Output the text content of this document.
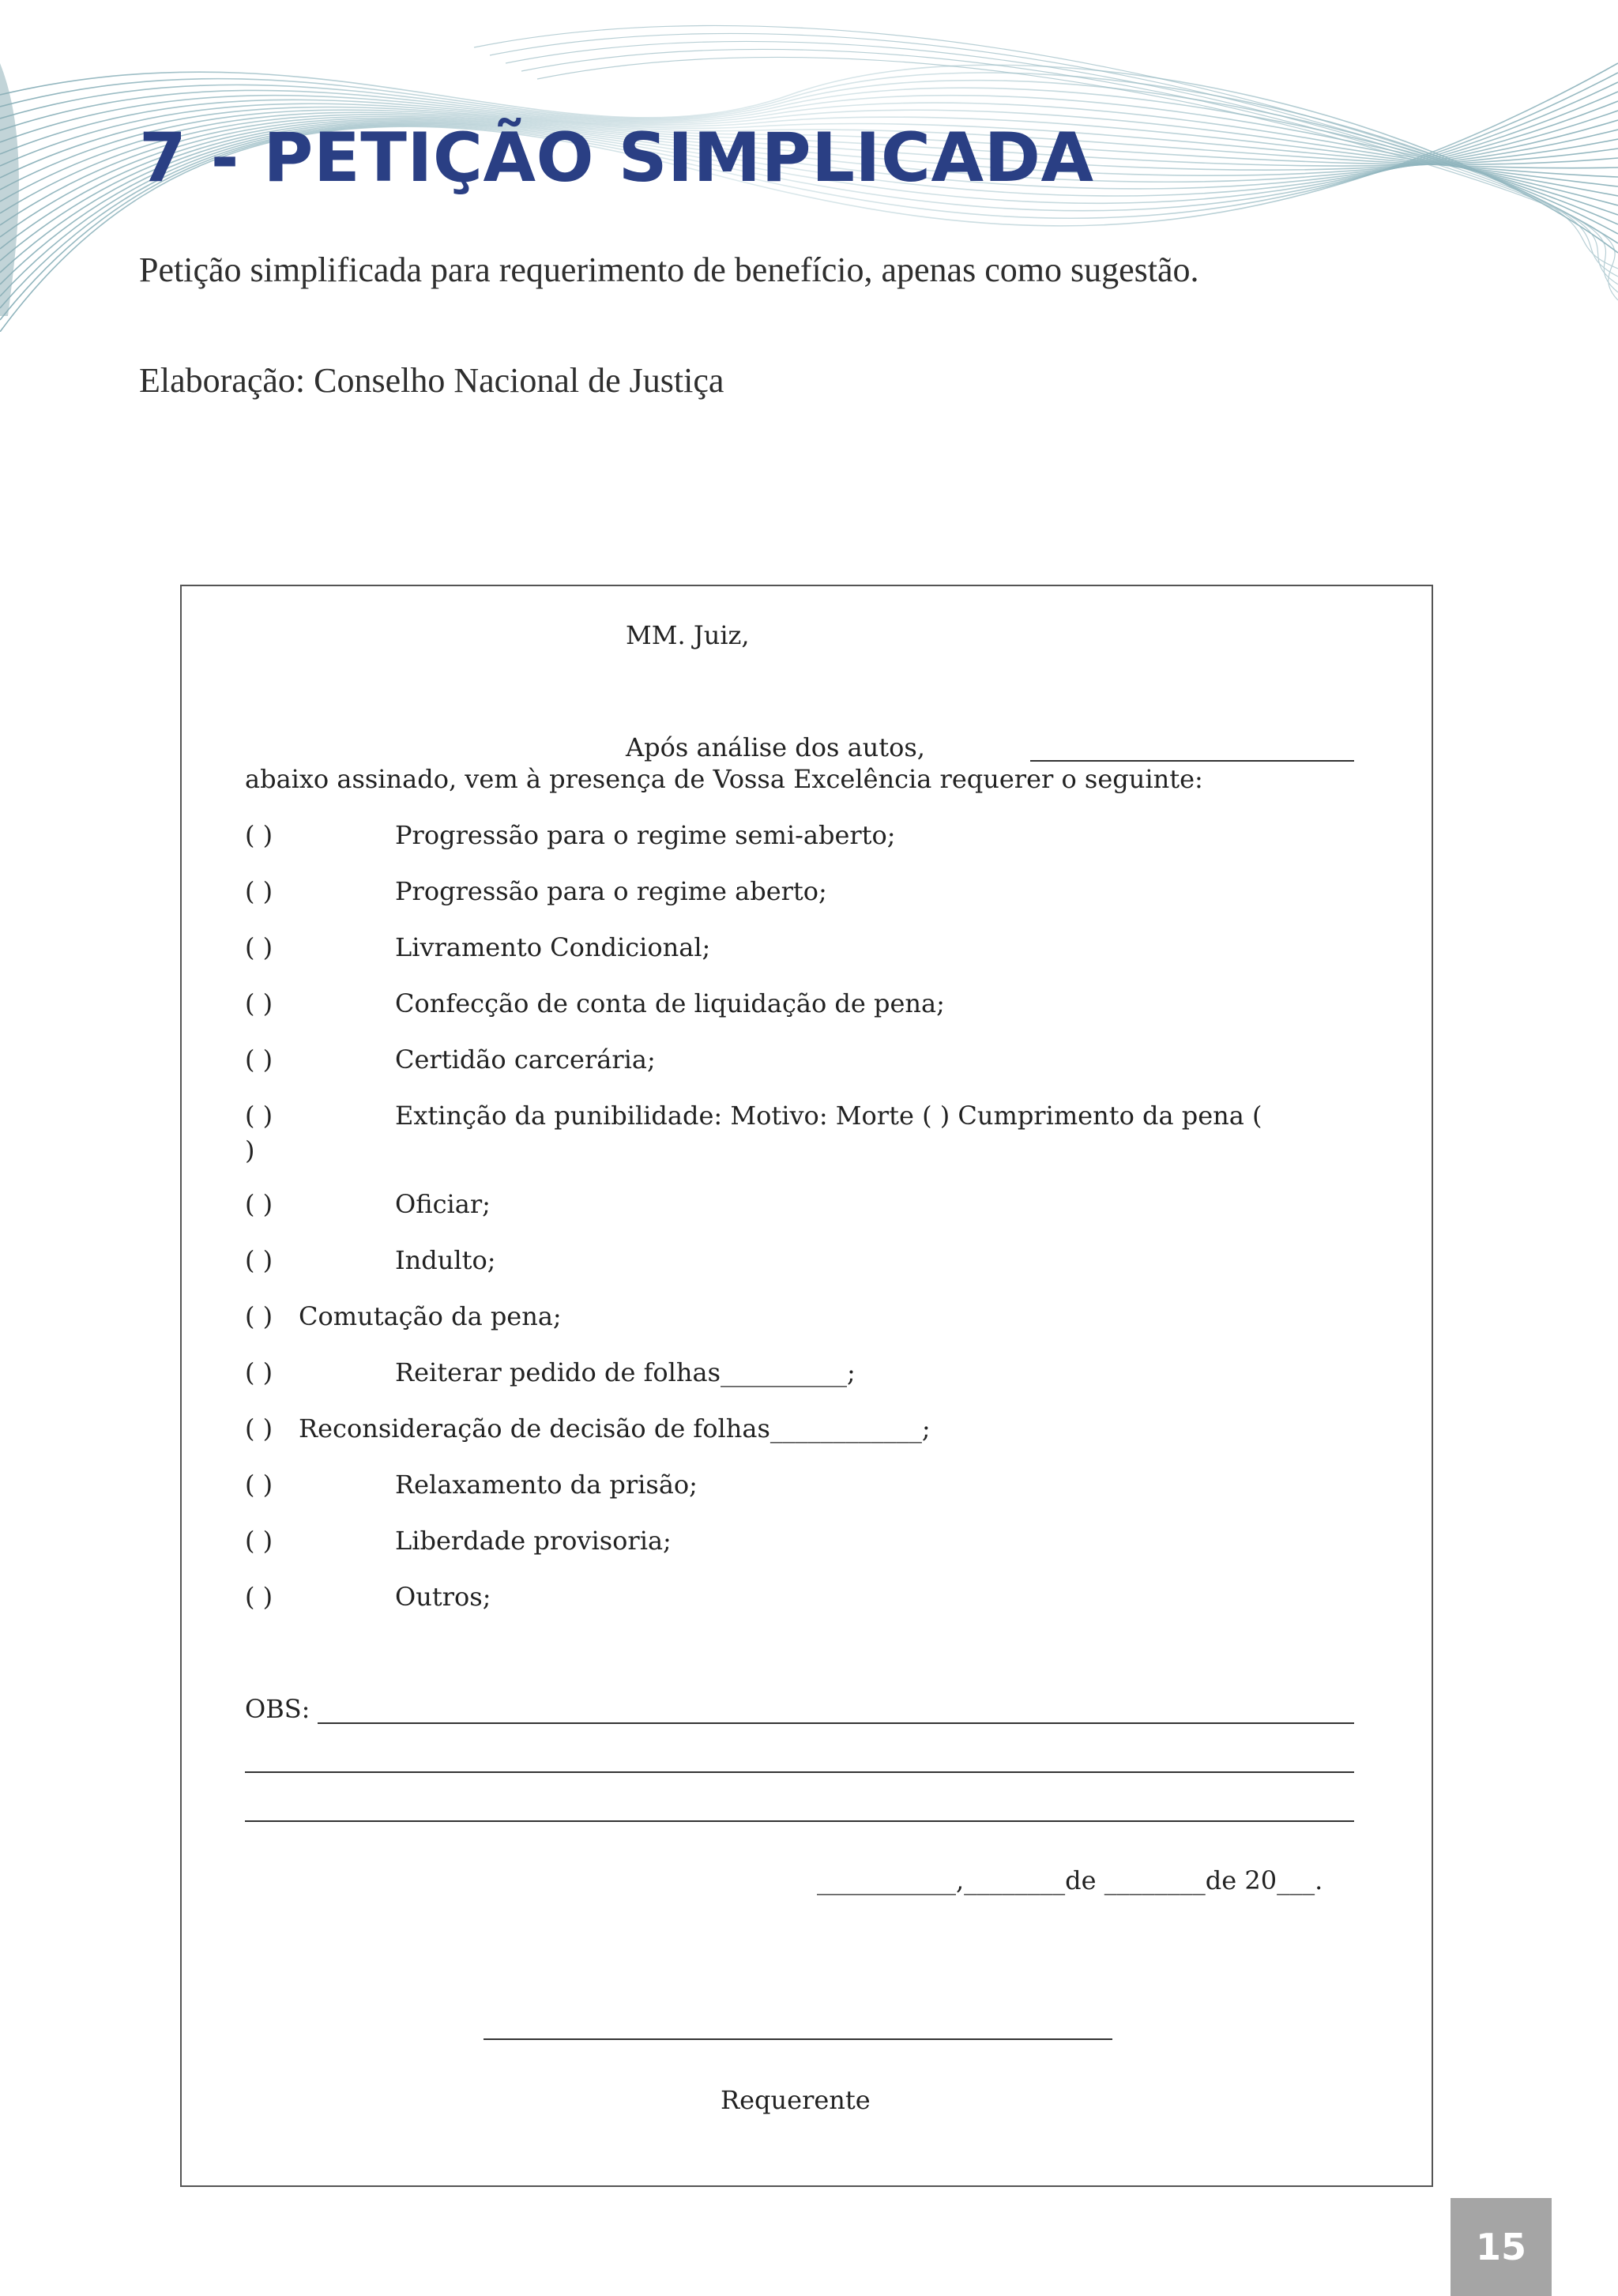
7 - PETIÇÃO SIMPLICADA

Petição simplificada para requerimento de benefício, apenas como sugestão.

Elaboração: Conselho Nacional de Justiça

MM. Juiz,
Após análise dos autos,
abaixo assinado, vem à presença de Vossa Excelência requerer o seguinte:
( )	Progressão para o regime semi-aberto;
( )	Progressão para o regime aberto;
( )	Livramento Condicional;
( )	Confecção de conta de liquidação de pena;
( )	Certidão carcerária;
( )	Extinção da punibilidade: Motivo: Morte ( ) Cumprimento da pena (
)
( )	Oficiar;
( )	Indulto;
( ) Comutação da pena;
( )	Reiterar pedido de folhas__________;
( ) Reconsideração de decisão de folhas____________;
( )	Relaxamento da prisão;
( )	Liberdade provisoria;
( )	Outros;
OBS:
___________,________de ________de 20___.
Requerente
15
